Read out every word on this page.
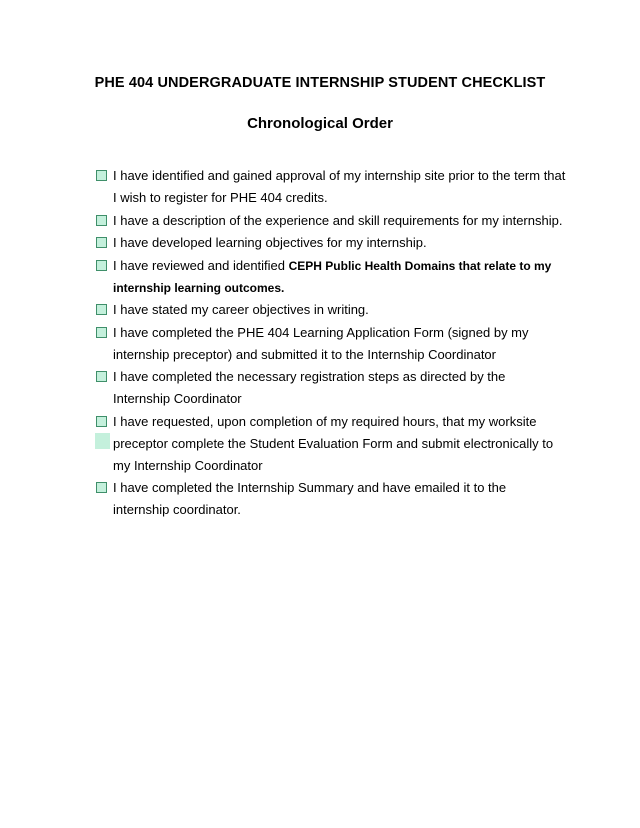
PHE 404 UNDERGRADUATE INTERNSHIP STUDENT CHECKLIST
Chronological Order
I have identified and gained approval of my internship site prior to the term that I wish to register for PHE 404 credits.
I have a description of the experience and skill requirements for my internship.
I have developed learning objectives for my internship.
I have reviewed and identified CEPH Public Health Domains that relate to my internship learning outcomes.
I have stated my career objectives in writing.
I have completed the PHE 404 Learning Application Form (signed by my internship preceptor) and submitted it to the Internship Coordinator
I have completed the necessary registration steps as directed by the Internship Coordinator
I have requested, upon completion of my required hours, that my worksite preceptor complete the Student Evaluation Form and submit electronically to my Internship Coordinator
I have completed the Internship Summary and have emailed it to the internship coordinator.
